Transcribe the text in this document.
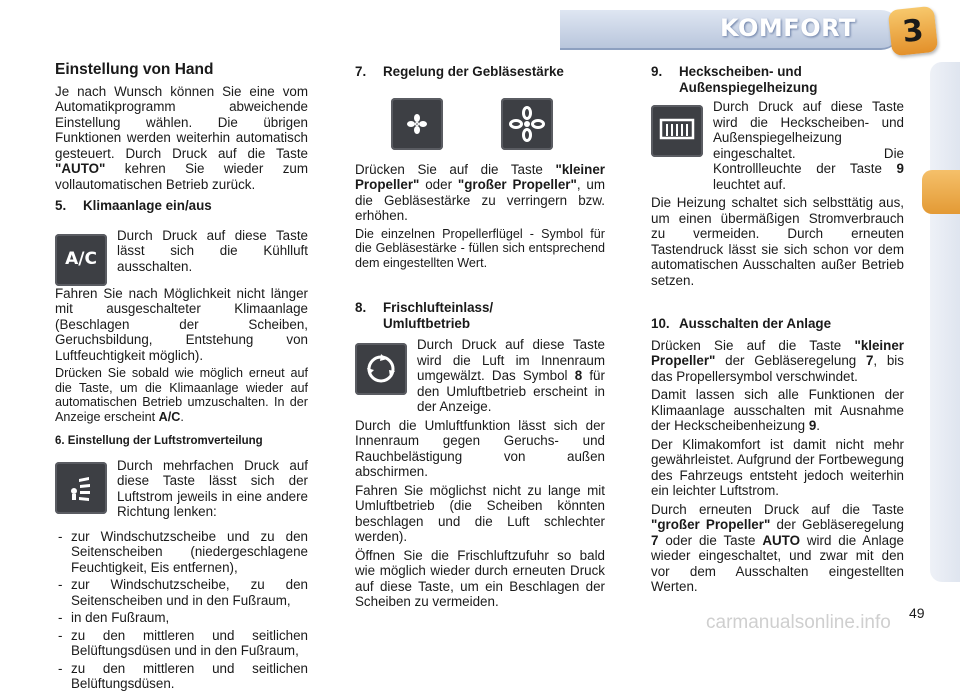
KOMFORT 3
Einstellung von Hand

Je nach Wunsch können Sie eine vom Automatikprogramm abweichende Einstellung wählen. Die übrigen Funktionen werden weiterhin automatisch gesteuert. Durch Druck auf die Taste "AUTO" kehren Sie wieder zum vollautomatischen Betrieb zurück.

5. Klimaanlage ein/aus
A/C

Durch Druck auf diese Taste lässt sich die Kühlluft ausschalten.

Fahren Sie nach Möglichkeit nicht länger mit ausgeschalteter Klimaanlage (Beschlagen der Scheiben, Geruchsbildung, Entstehung von Luftfeuchtigkeit möglich).

Drücken Sie sobald wie möglich erneut auf die Taste, um die Klimaanlage wieder auf automatischen Betrieb umzuschalten. In der Anzeige erscheint A/C.

6. Einstellung der Luftstromverteilung

Durch mehrfachen Druck auf diese Taste lässt sich der Luftstrom jeweils in eine andere Richtung lenken:

- zur Windschutzscheibe und zu den Seitenscheiben (niedergeschlagene Feuchtigkeit, Eis entfernen),
- zur Windschutzscheibe, zu den Seitenscheiben und in den Fußraum,
- in den Fußraum,
- zu den mittleren und seitlichen Belüftungsdüsen und in den Fußraum,
- zu den mittleren und seitlichen Belüftungsdüsen.
7. Regelung der Gebläsestärke

Drücken Sie auf die Taste "kleiner Propeller" oder "großer Propeller", um die Gebläsestärke zu verringern bzw. erhöhen.

Die einzelnen Propellerflügel - Symbol für die Gebläsestärke - füllen sich entsprechend dem eingestellten Wert.

8.	Frischlufteinlass/ Umluftbetrieb

Durch Druck auf diese Taste wird die Luft im Innenraum umgewälzt. Das Symbol 8 für den Umluftbetrieb erscheint in der Anzeige.

Durch die Umluftfunktion lässt sich der Innenraum gegen Geruchs- und Rauchbelästigung von außen abschirmen.

Fahren Sie möglichst nicht zu lange mit Umluftbetrieb (die Scheiben könnten beschlagen und die Luft schlechter werden).

Öffnen Sie die Frischluftzufuhr so bald wie möglich wieder durch erneuten Druck auf diese Taste, um ein Beschlagen der Scheiben zu vermeiden.

9.	Heckscheiben- und Außenspiegelheizung

Durch Druck auf diese Taste wird die Heckscheiben- und Außenspiegelheizung eingeschaltet. Die Kontrollleuchte der Taste 9 leuchtet auf.

Die Heizung schaltet sich selbsttätig aus, um einen übermäßigen Stromverbrauch zu vermeiden. Durch erneuten Tastendruck lässt sie sich schon vor dem automatischen Ausschalten außer Betrieb setzen.

10. Ausschalten der Anlage

Drücken Sie auf die Taste "kleiner Propeller" der Gebläseregelung 7, bis das Propellersymbol verschwindet.

Damit lassen sich alle Funktionen der Klimaanlage ausschalten mit Ausnahme der Heckscheibenheizung 9.

Der Klimakomfort ist damit nicht mehr gewährleistet. Aufgrund der Fortbewegung des Fahrzeugs entsteht jedoch weiterhin ein leichter Luftstrom.

Durch erneuten Druck auf die Taste "großer Propeller" der Gebläseregelung 7 oder die Taste AUTO wird die Anlage wieder eingeschaltet, und zwar mit den vor dem Ausschalten eingestellten Werten.

carmanualsonline.info 49
